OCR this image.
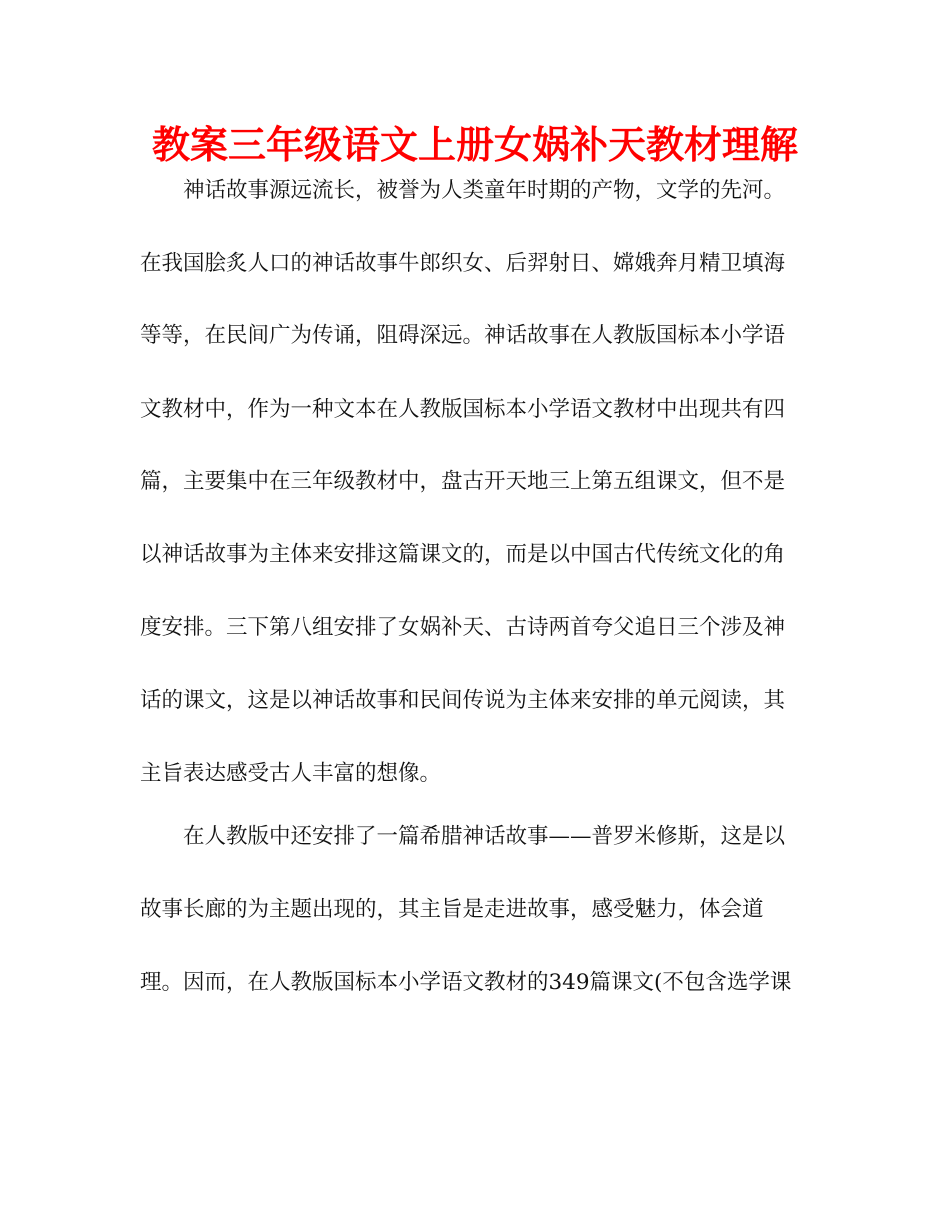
教案三年级语文上册女娲补天教材理解
神话故事源远流长，被誉为人类童年时期的产物，文学的先河。
在我国脍炙人口的神话故事牛郎织女、后羿射日、嫦娥奔月精卫填海
等等，在民间广为传诵，阻碍深远。神话故事在人教版国标本小学语
文教材中，作为一种文本在人教版国标本小学语文教材中出现共有四
篇，主要集中在三年级教材中，盘古开天地三上第五组课文，但不是
以神话故事为主体来安排这篇课文的，而是以中国古代传统文化的角
度安排。三下第八组安排了女娲补天、古诗两首夸父追日三个涉及神
话的课文，这是以神话故事和民间传说为主体来安排的单元阅读，其
主旨表达感受古人丰富的想像。
在人教版中还安排了一篇希腊神话故事——普罗米修斯，这是以
故事长廊的为主题出现的，其主旨是走进故事，感受魅力，体会道
理。因而，在人教版国标本小学语文教材的349篇课文(不包含选学课
